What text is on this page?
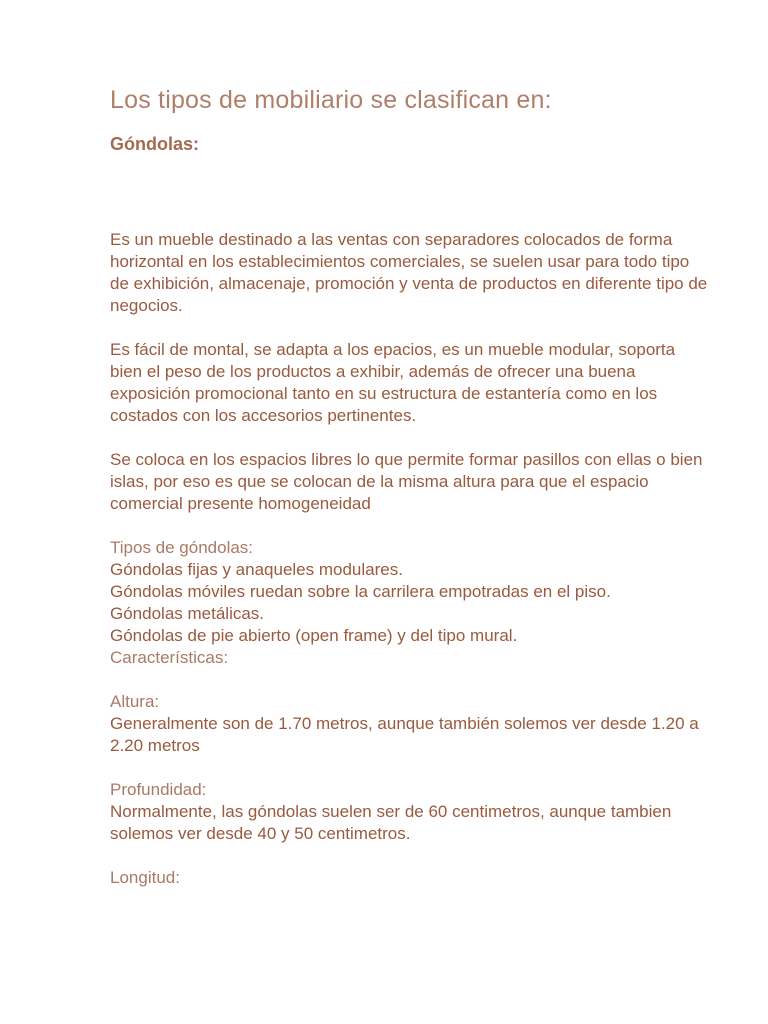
Los tipos de mobiliario se clasifican en:
Góndolas:

Es un mueble destinado a las ventas con separadores colocados de forma horizontal en los establecimientos comerciales, se suelen usar para todo tipo de exhibición, almacenaje, promoción y venta de productos en diferente tipo de negocios.

Es fácil de montal, se adapta a los epacios, es un mueble modular, soporta bien el peso de los productos a exhibir, además de ofrecer una buena exposición promocional tanto en su estructura de estantería como en los costados con los accesorios pertinentes.

Se coloca en los espacios libres lo que permite formar pasillos con ellas o bien islas, por eso es que se colocan de la misma altura para que el espacio comercial presente homogeneidad

Tipos de góndolas:
Góndolas fijas y anaqueles modulares.
Góndolas móviles ruedan sobre la carrilera empotradas en el piso.
Góndolas metálicas.
Góndolas de pie abierto (open frame) y del tipo mural.
Características:

Altura:
Generalmente son de 1.70 metros, aunque también solemos ver desde 1.20 a 2.20 metros

Profundidad:
Normalmente, las góndolas suelen ser de 60 centimetros, aunque tambien solemos ver desde 40 y 50 centimetros.

Longitud:
